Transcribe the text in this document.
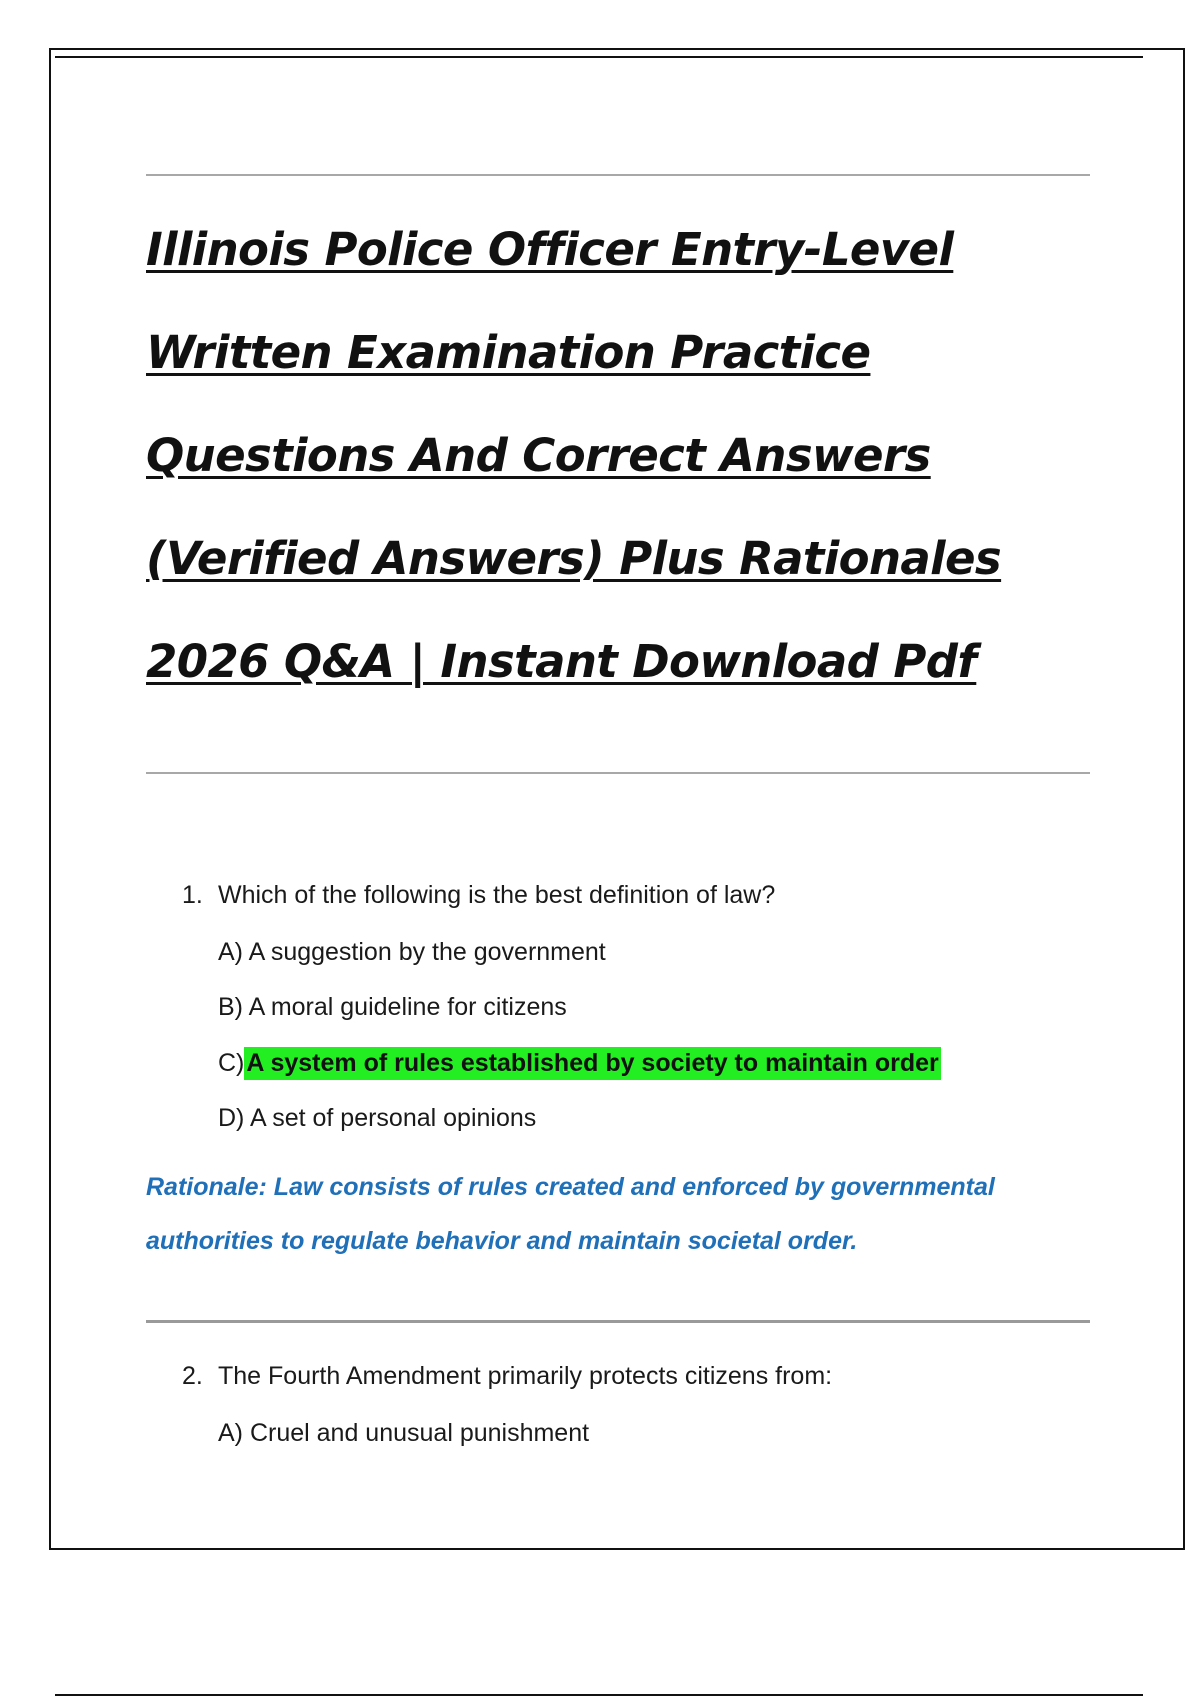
Illinois Police Officer Entry-Level Written Examination Practice Questions And Correct Answers (Verified Answers) Plus Rationales 2026 Q&A | Instant Download Pdf
1. Which of the following is the best definition of law?
A) A suggestion by the government
B) A moral guideline for citizens
C)A system of rules established by society to maintain order
D) A set of personal opinions
Rationale: Law consists of rules created and enforced by governmental authorities to regulate behavior and maintain societal order.
2. The Fourth Amendment primarily protects citizens from:
A) Cruel and unusual punishment
